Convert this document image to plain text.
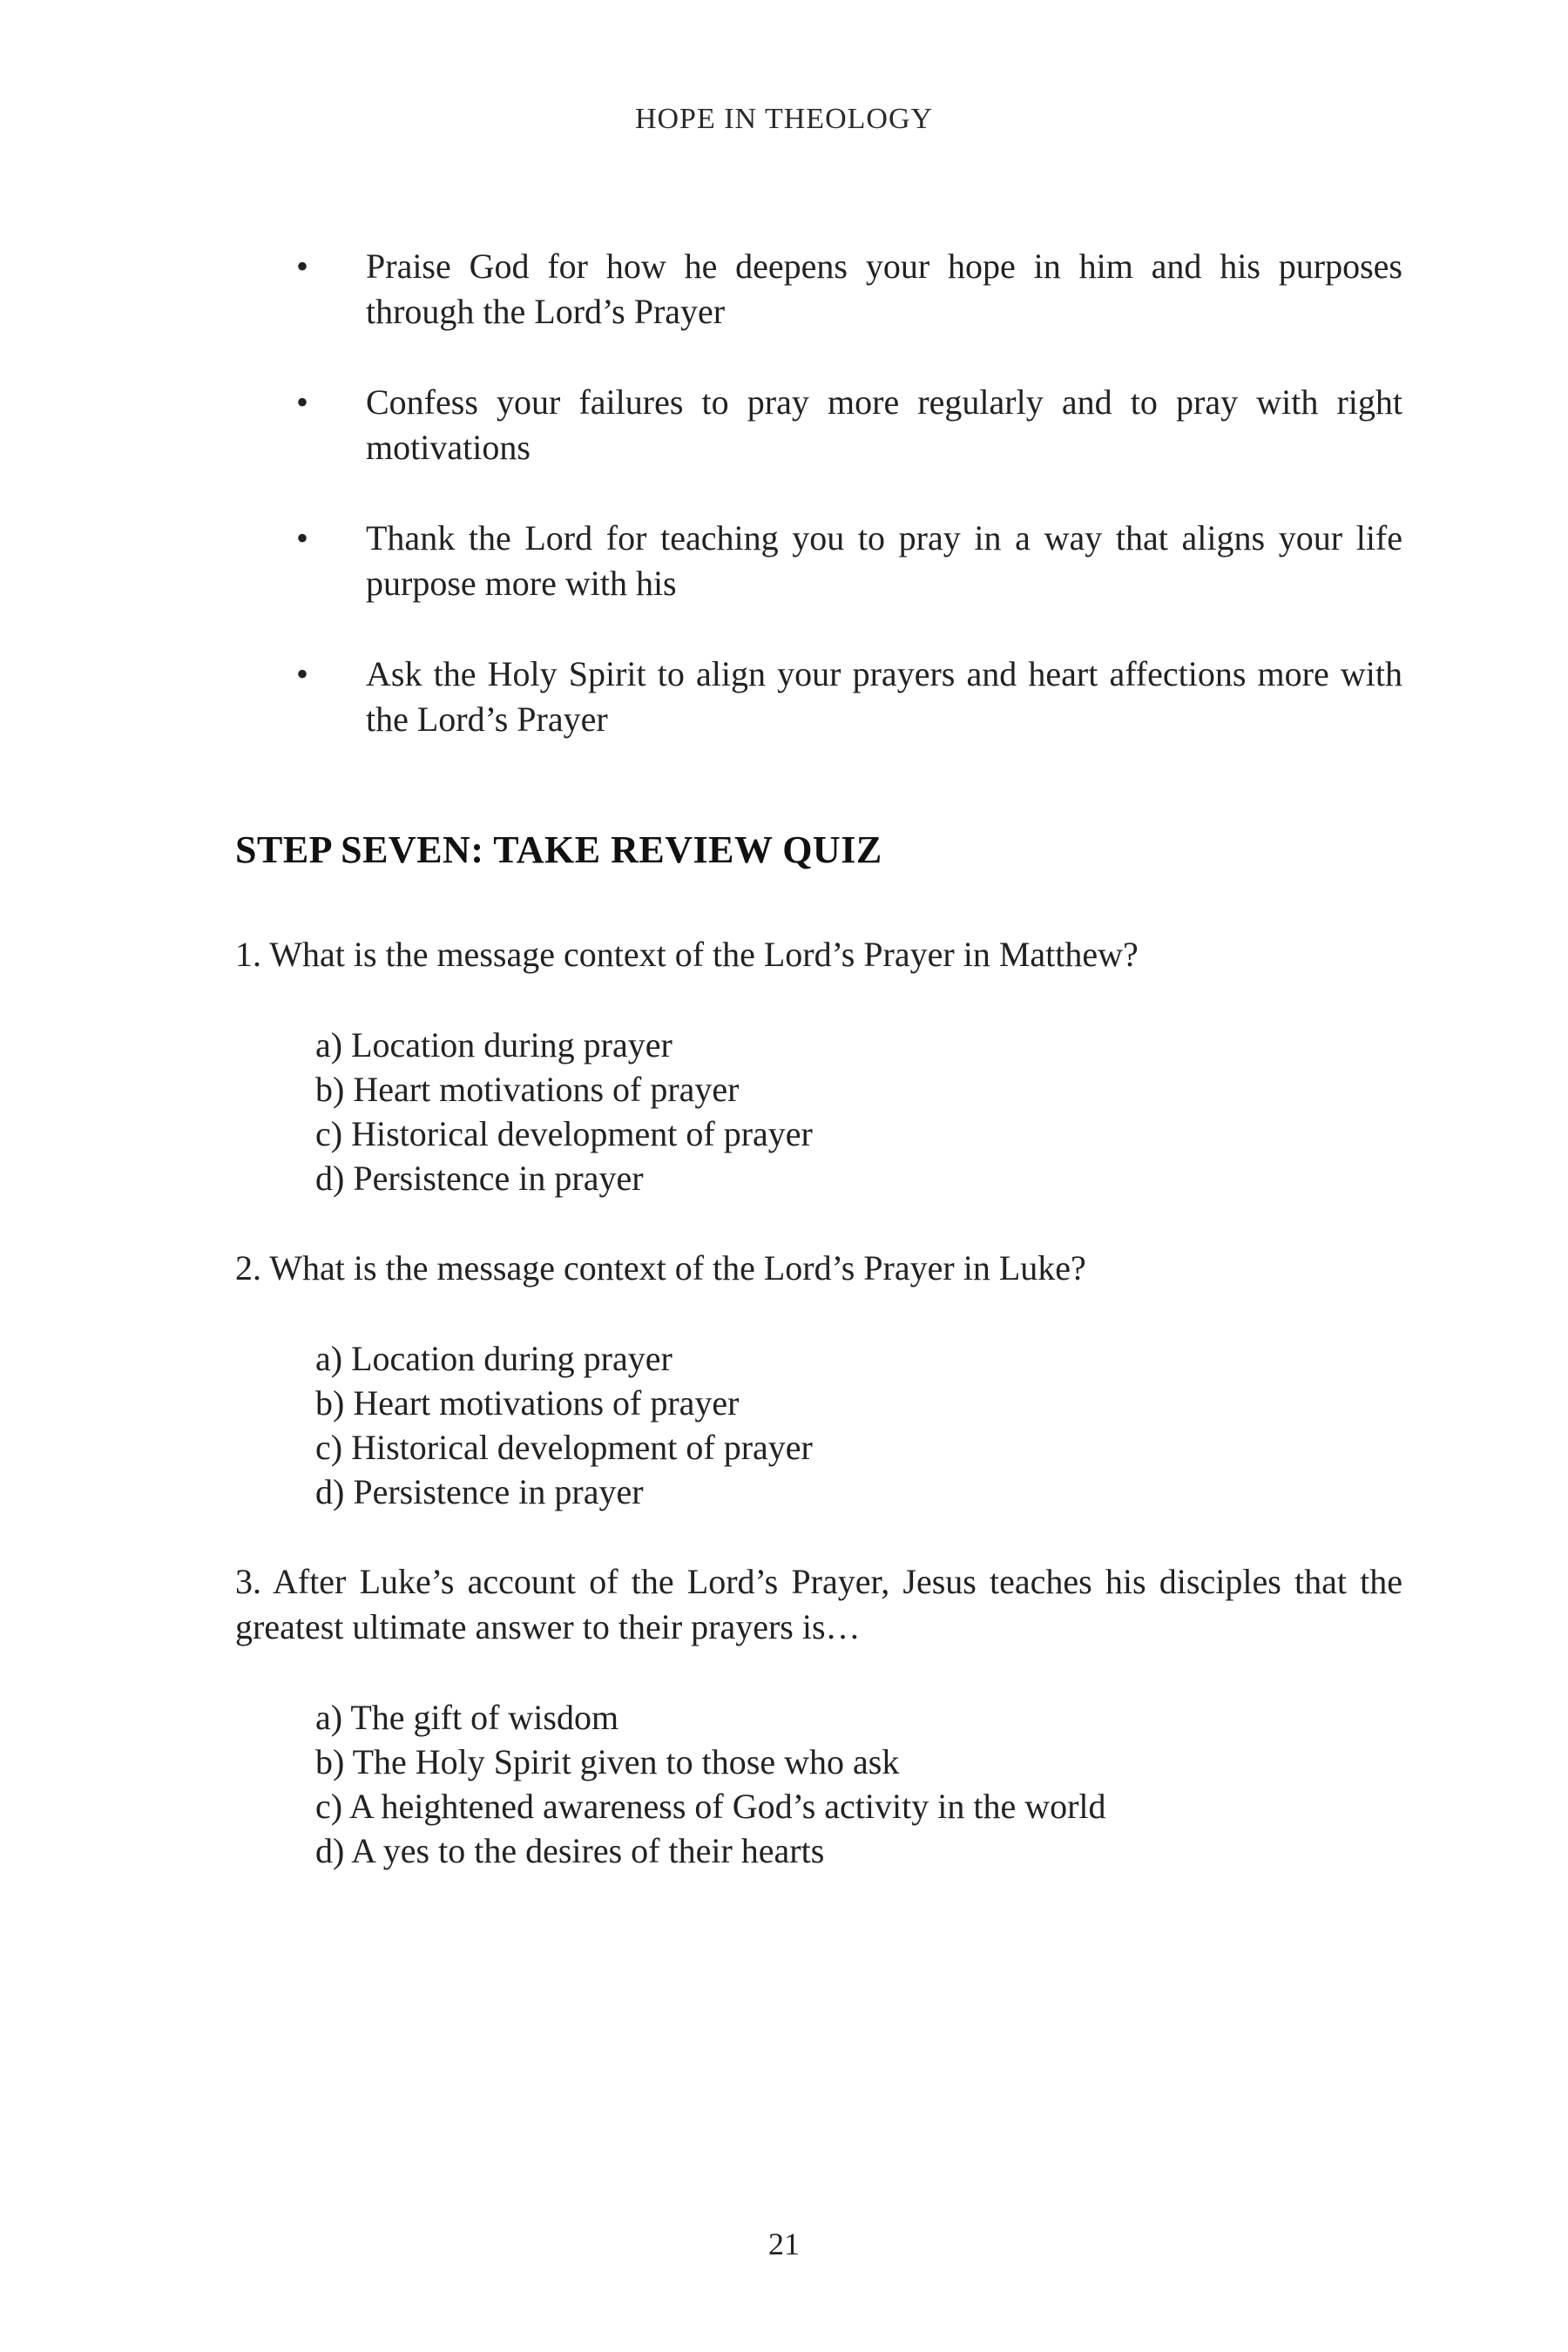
HOPE IN THEOLOGY
• Praise God for how he deepens your hope in him and his purposes through the Lord’s Prayer
• Confess your failures to pray more regularly and to pray with right motivations
• Thank the Lord for teaching you to pray in a way that aligns your life purpose more with his
• Ask the Holy Spirit to align your prayers and heart affections more with the Lord’s Prayer
STEP SEVEN: TAKE REVIEW QUIZ

1. What is the message context of the Lord’s Prayer in Matthew?

a) Location during prayer
b) Heart motivations of prayer
c) Historical development of prayer
d) Persistence in prayer

2. What is the message context of the Lord’s Prayer in Luke?

a) Location during prayer
b) Heart motivations of prayer
c) Historical development of prayer
d) Persistence in prayer

3. After Luke’s account of the Lord’s Prayer, Jesus teaches his disciples that the greatest ultimate answer to their prayers is…

a) The gift of wisdom
b) The Holy Spirit given to those who ask
c) A heightened awareness of God’s activity in the world
d) A yes to the desires of their hearts
21
